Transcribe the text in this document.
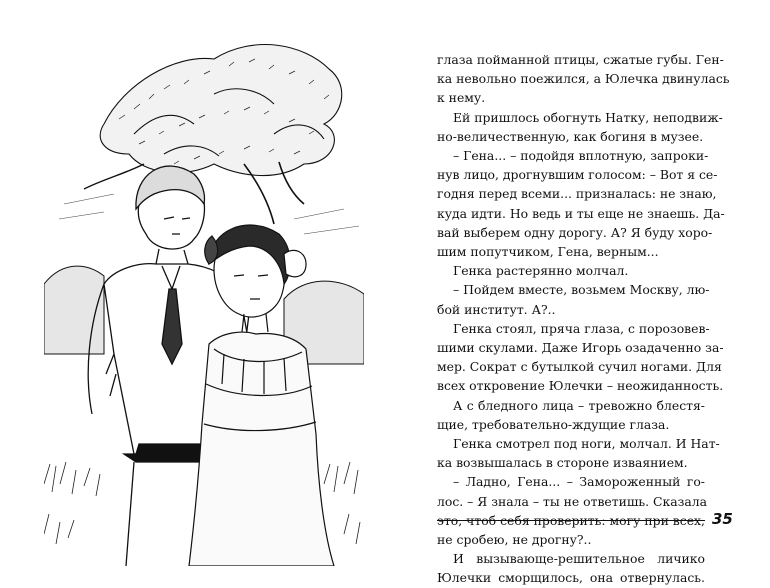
глаза пойманной птицы, сжатые губы. Ген-
ка невольно поежился, а Юлечка двинулась
к нему.

Ей пришлось обогнуть Натку, неподвиж-
но-величественную, как богиня в музее.

– Гена... – подойдя вплотную, запроки-
нув лицо, дрогнувшим голосом: – Вот я се-
годня перед всеми... призналась: не знаю,
куда идти. Но ведь и ты еще не знаешь. Да-
вай выберем одну дорогу. А? Я буду хоро-
шим попутчиком, Гена, верным...

Генка растерянно молчал.

– Пойдем вместе, возьмем Москву, лю-
бой институт. А?..

Генка стоял, пряча глаза, с порозовев-
шими скулами. Даже Игорь озадаченно за-
мер. Сократ с бутылкой сучил ногами. Для
всех откровение Юлечки – неожиданность.

А с бледного лица – тревожно блестя-
щие, требовательно-ждущие глаза.

Генка смотрел под ноги, молчал. И Нат-
ка возвышалась в стороне изваянием.

– Ладно, Гена... – Замороженный го-
лос. – Я знала – ты не ответишь. Сказала
это, чтоб себя проверить: могу при всех,
не сробею, не дрогну?..

И вызывающе-решительное личико
Юлечки сморщилось, она отвернулась.

35
